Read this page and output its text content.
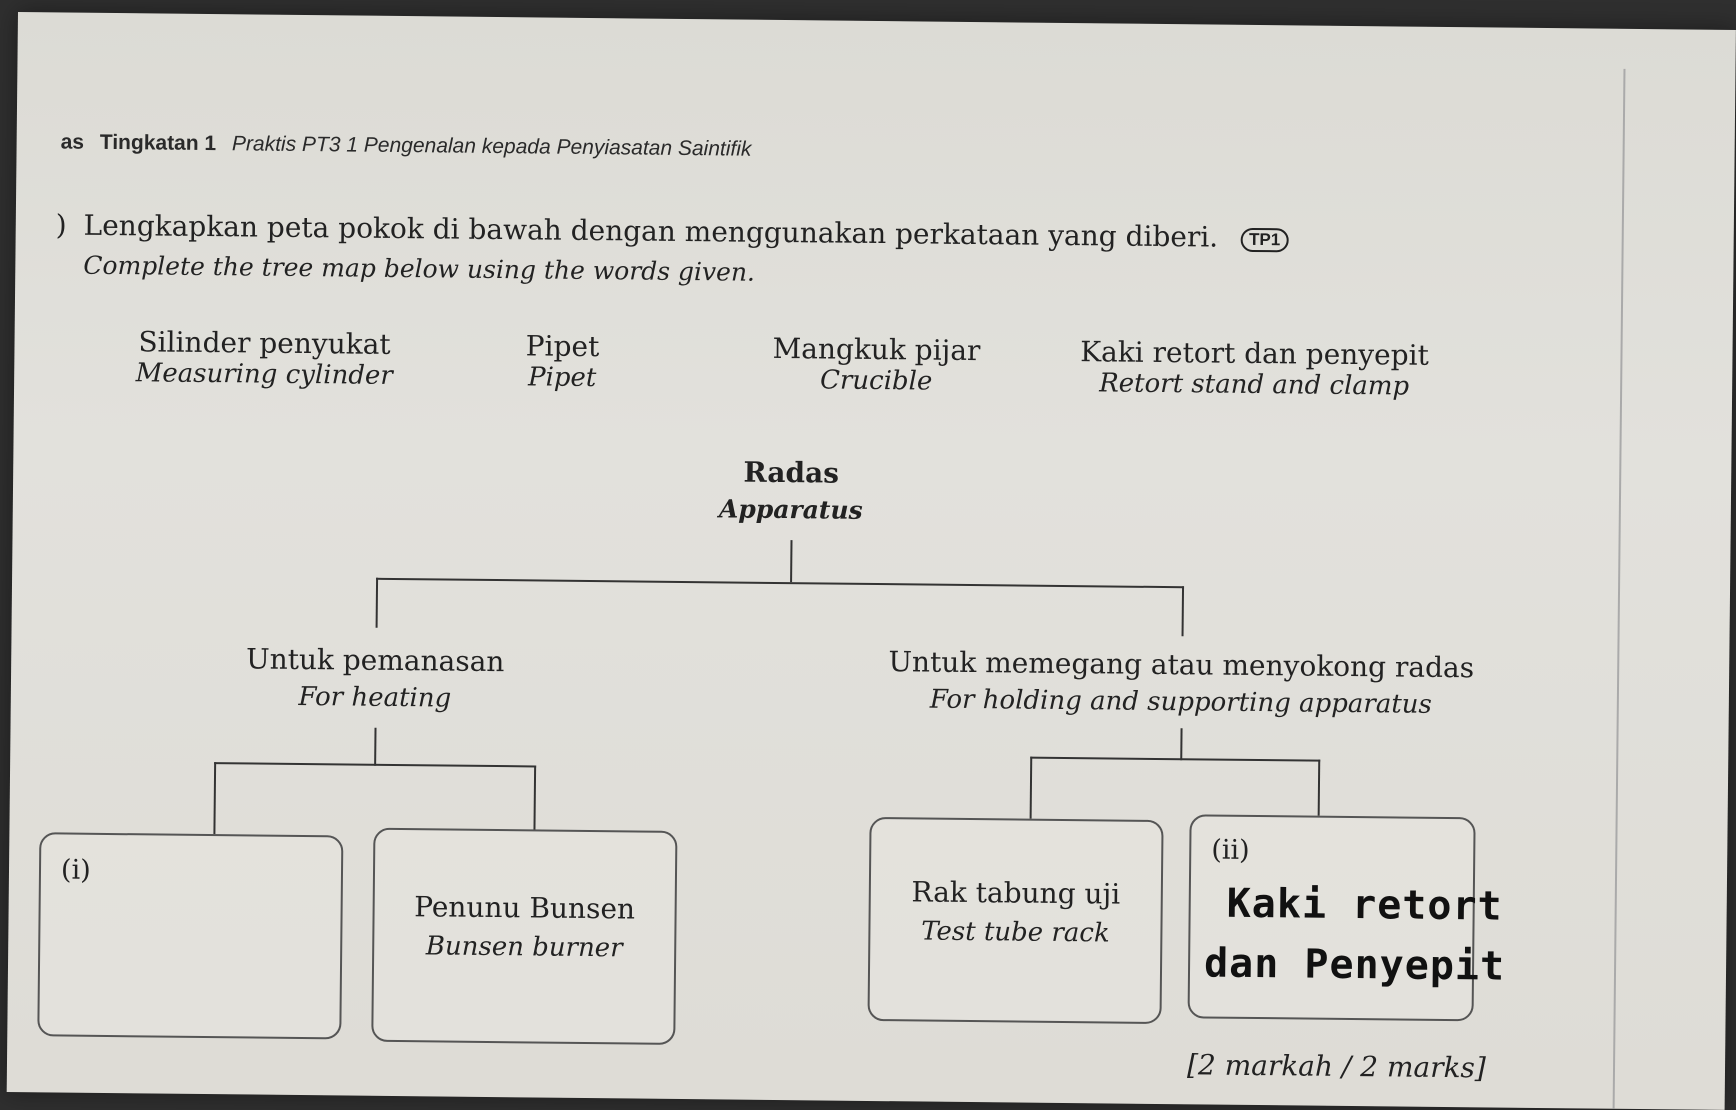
as Tingkatan 1 Praktis PT3 1 Pengenalan kepada Penyiasatan Saintifik
) Lengkapkan peta pokok di bawah dengan menggunakan perkataan yang diberi. TP1
Complete the tree map below using the words given.
Silinder penyukat
Measuring cylinder
Pipet
Pipet
Mangkuk pijar
Crucible
Kaki retort dan penyepit
Retort stand and clamp
Radas
Apparatus
Untuk pemanasan
For heating
Untuk memegang atau menyokong radas
For holding and supporting apparatus
(i)
Penunu Bunsen
Bunsen burner
Rak tabung uji
Test tube rack
(ii)
Kaki retort
dan Penyepit
[2 markah / 2 marks]
